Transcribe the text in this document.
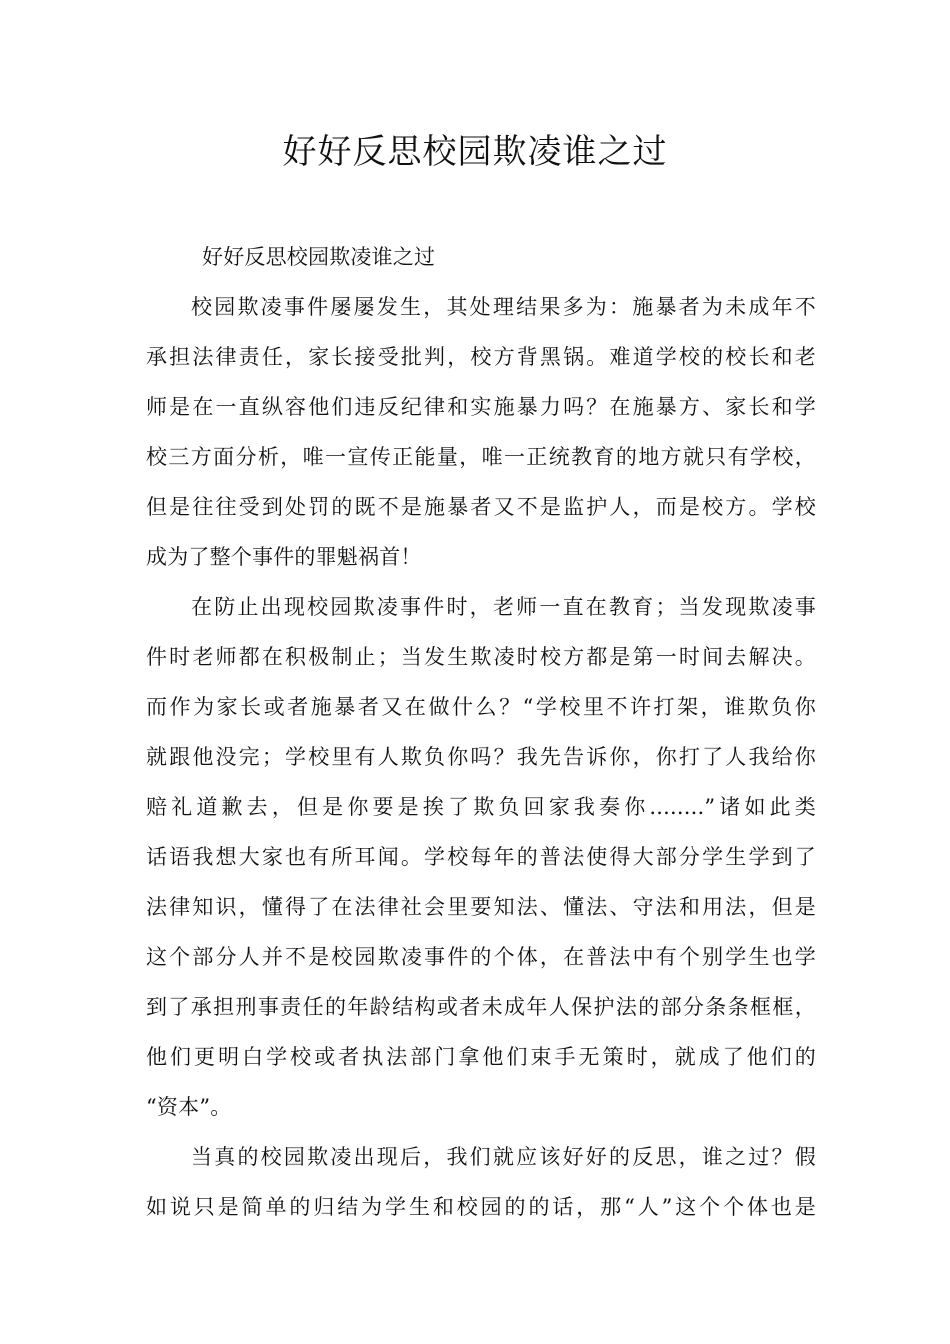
好好反思校园欺凌谁之过
好好反思校园欺凌谁之过
校园欺凌事件屡屡发生，其处理结果多为：施暴者为未成年不
承担法律责任，家长接受批判，校方背黑锅。难道学校的校长和老
师是在一直纵容他们违反纪律和实施暴力吗？在施暴方、家长和学
校三方面分析，唯一宣传正能量，唯一正统教育的地方就只有学校，
但是往往受到处罚的既不是施暴者又不是监护人，而是校方。学校
成为了整个事件的罪魁祸首！
在防止出现校园欺凌事件时，老师一直在教育；当发现欺凌事
件时老师都在积极制止；当发生欺凌时校方都是第一时间去解决。
而作为家长或者施暴者又在做什么？“学校里不许打架，谁欺负你
就跟他没完；学校里有人欺负你吗？我先告诉你，你打了人我给你
赔礼道歉去，但是你要是挨了欺负回家我奏你........”诸如此类
话语我想大家也有所耳闻。学校每年的普法使得大部分学生学到了
法律知识，懂得了在法律社会里要知法、懂法、守法和用法，但是
这个部分人并不是校园欺凌事件的个体，在普法中有个别学生也学
到了承担刑事责任的年龄结构或者未成年人保护法的部分条条框框，
他们更明白学校或者执法部门拿他们束手无策时，就成了他们的
“资本”。
当真的校园欺凌出现后，我们就应该好好的反思，谁之过？假
如说只是简单的归结为学生和校园的的话，那“人”这个个体也是
